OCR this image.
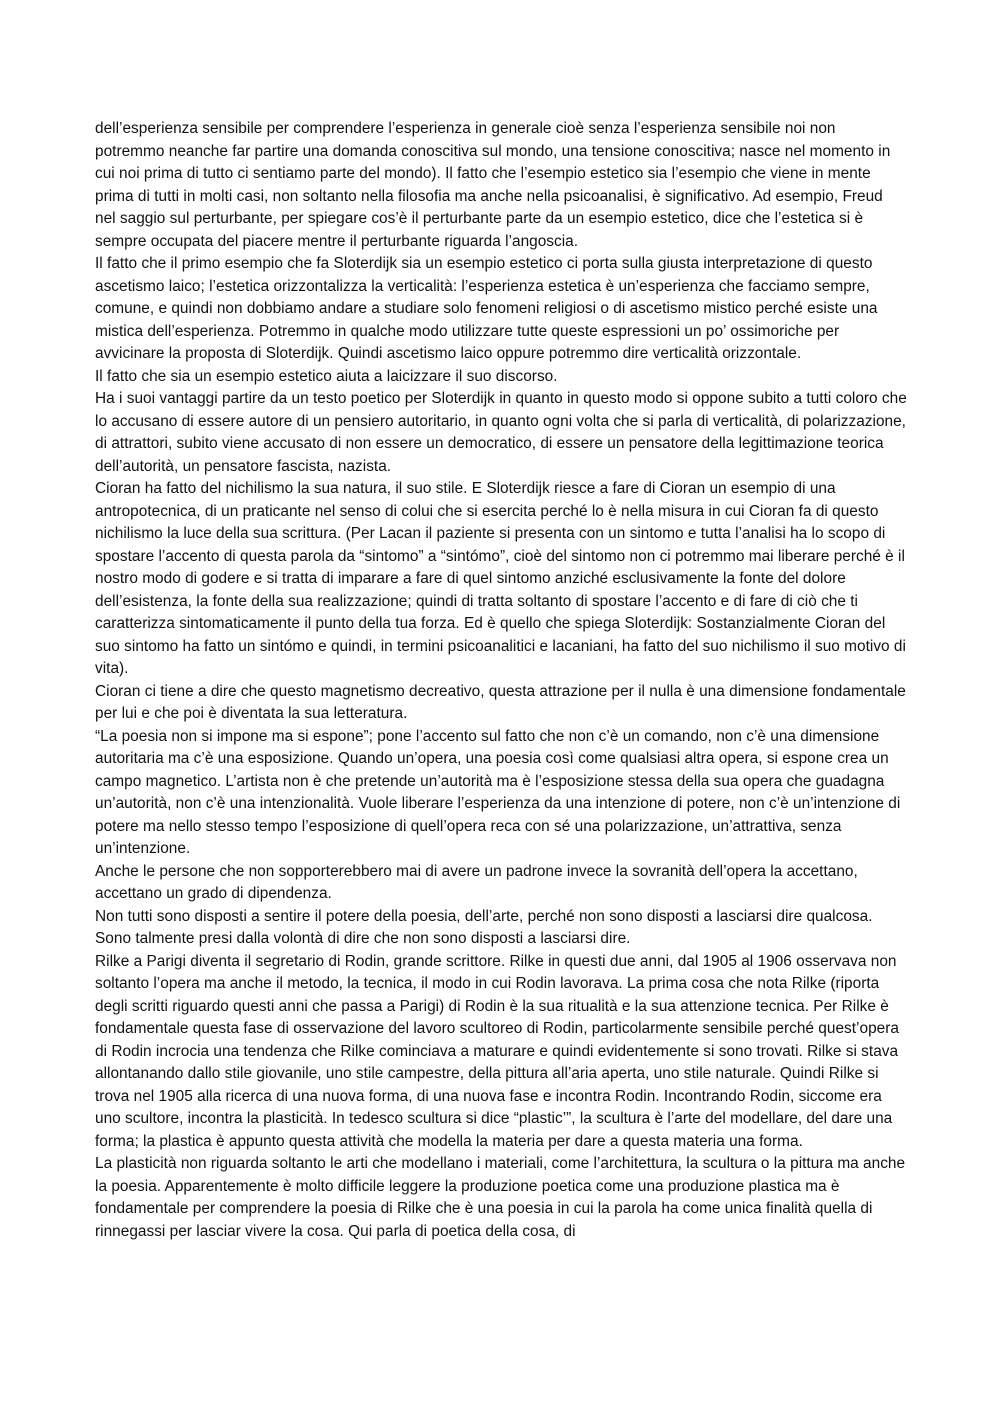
dell’esperienza sensibile per comprendere l’esperienza in generale cioè senza l’esperienza sensibile noi non potremmo neanche far partire una domanda conoscitiva sul mondo, una tensione conoscitiva; nasce nel momento in cui noi prima di tutto ci sentiamo parte del mondo). Il fatto che l’esempio estetico sia l’esempio che viene in mente prima di tutti in molti casi, non soltanto nella filosofia ma anche nella psicoanalisi, è significativo. Ad esempio, Freud nel saggio sul perturbante, per spiegare cos’è il perturbante parte da un esempio estetico, dice che l’estetica si è sempre occupata del piacere mentre il perturbante riguarda l’angoscia.

Il fatto che il primo esempio che fa Sloterdijk sia un esempio estetico ci porta sulla giusta interpretazione di questo ascetismo laico; l’estetica orizzontalizza la verticalità: l’esperienza estetica è un’esperienza che facciamo sempre, comune, e quindi non dobbiamo andare a studiare solo fenomeni religiosi o di ascetismo mistico perché esiste una mistica dell’esperienza. Potremmo in qualche modo utilizzare tutte queste espressioni un po’ ossimoriche per avvicinare la proposta di Sloterdijk. Quindi ascetismo laico oppure potremmo dire verticalità orizzontale.

Il fatto che sia un esempio estetico aiuta a laicizzare il suo discorso.

Ha i suoi vantaggi partire da un testo poetico per Sloterdijk in quanto in questo modo si oppone subito a tutti coloro che lo accusano di essere autore di un pensiero autoritario, in quanto ogni volta che si parla di verticalità, di polarizzazione, di attrattori, subito viene accusato di non essere un democratico, di essere un pensatore della legittimazione teorica dell’autorità, un pensatore fascista, nazista.

Cioran ha fatto del nichilismo la sua natura, il suo stile. E Sloterdijk riesce a fare di Cioran un esempio di una antropotecnica, di un praticante nel senso di colui che si esercita perché lo è nella misura in cui Cioran fa di questo nichilismo la luce della sua scrittura. (Per Lacan il paziente si presenta con un sintomo e tutta l’analisi ha lo scopo di spostare l’accento di questa parola da “sintomo” a “sintómo”, cioè del sintomo non ci potremmo mai liberare perché è il nostro modo di godere e si tratta di imparare a fare di quel sintomo anziché esclusivamente la fonte del dolore dell’esistenza, la fonte della sua realizzazione; quindi di tratta soltanto di spostare l’accento e di fare di ciò che ti caratterizza sintomaticamente il punto della tua forza. Ed è quello che spiega Sloterdijk: Sostanzialmente Cioran del suo sintomo ha fatto un sintómo e quindi, in termini psicoanalitici e lacaniani, ha fatto del suo nichilismo il suo motivo di vita).

Cioran ci tiene a dire che questo magnetismo decreativo, questa attrazione per il nulla è una dimensione fondamentale per lui e che poi è diventata la sua letteratura.

“La poesia non si impone ma si espone”; pone l’accento sul fatto che non c’è un comando, non c’è una dimensione autoritaria ma c’è una esposizione. Quando un’opera, una poesia così come qualsiasi altra opera, si espone crea un campo magnetico. L’artista non è che pretende un’autorità ma è l’esposizione stessa della sua opera che guadagna un’autorità, non c’è una intenzionalità. Vuole liberare l’esperienza da una intenzione di potere, non c’è un’intenzione di potere ma nello stesso tempo l’esposizione di quell’opera reca con sé una polarizzazione, un’attrattiva, senza un’intenzione.

Anche le persone che non sopporterebbero mai di avere un padrone invece la sovranità dell’opera la accettano, accettano un grado di dipendenza.

Non tutti sono disposti a sentire il potere della poesia, dell’arte, perché non sono disposti a lasciarsi dire qualcosa. Sono talmente presi dalla volontà di dire che non sono disposti a lasciarsi dire.

Rilke a Parigi diventa il segretario di Rodin, grande scrittore. Rilke in questi due anni, dal 1905 al 1906 osservava non soltanto l’opera ma anche il metodo, la tecnica, il modo in cui Rodin lavorava. La prima cosa che nota Rilke (riporta degli scritti riguardo questi anni che passa a Parigi) di Rodin è la sua ritualità e la sua attenzione tecnica. Per Rilke è fondamentale questa fase di osservazione del lavoro scultoreo di Rodin, particolarmente sensibile perché quest’opera di Rodin incrocia una tendenza che Rilke cominciava a maturare e quindi evidentemente si sono trovati. Rilke si stava allontanando dallo stile giovanile, uno stile campestre, della pittura all’aria aperta, uno stile naturale. Quindi Rilke si trova nel 1905 alla ricerca di una nuova forma, di una nuova fase e incontra Rodin. Incontrando Rodin, siccome era uno scultore, incontra la plasticità. In tedesco scultura si dice “plastic’”, la scultura è l’arte del modellare, del dare una forma; la plastica è appunto questa attività che modella la materia per dare a questa materia una forma.

La plasticità non riguarda soltanto le arti che modellano i materiali, come l’architettura, la scultura o la pittura ma anche la poesia. Apparentemente è molto difficile leggere la produzione poetica come una produzione plastica ma è fondamentale per comprendere la poesia di Rilke che è una poesia in cui la parola ha come unica finalità quella di rinnegassi per lasciar vivere la cosa. Qui parla di poetica della cosa, di
